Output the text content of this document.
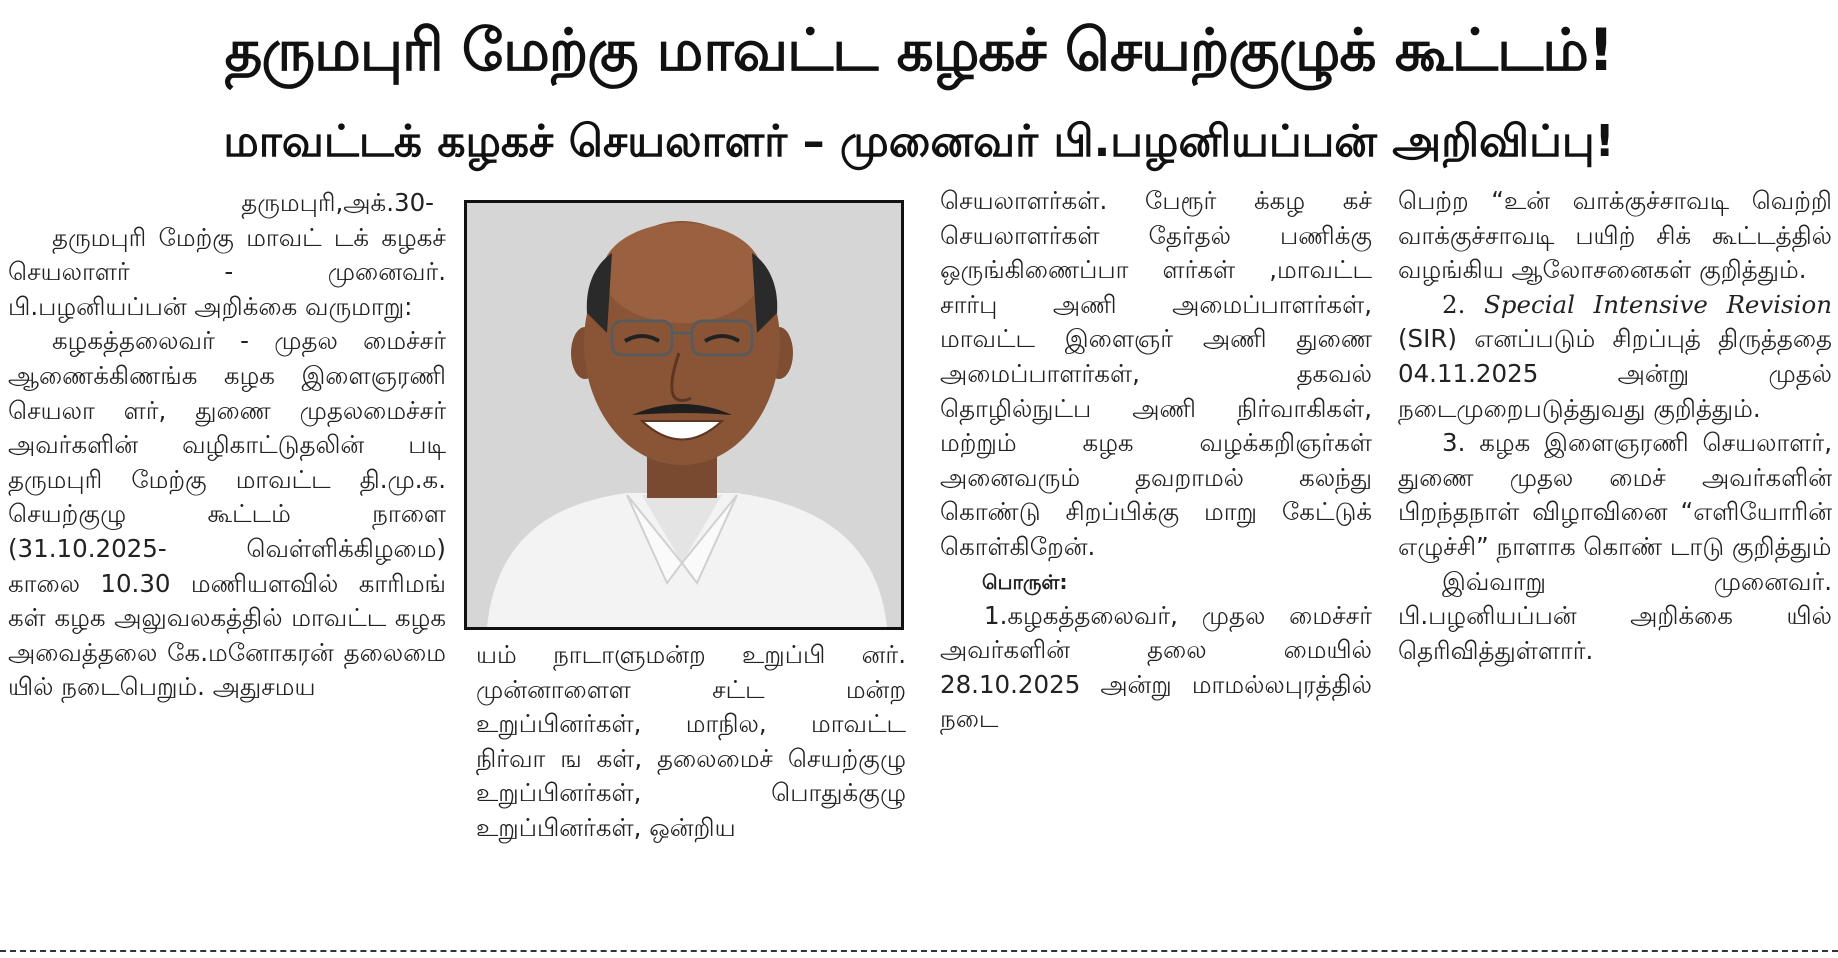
தருமபுரி மேற்கு மாவட்ட கழகச் செயற்குழுக் கூட்டம்!
மாவட்டக் கழகச் செயலாளர் – முனைவர் பி.பழனியப்பன் அறிவிப்பு!

தருமபுரி,அக்.30-

தருமபுரி மேற்கு மாவட் டக் கழகச் செயலாளர் - முனைவர். பி.பழனியப்பன் அறிக்கை வருமாறு:

கழகத்தலைவர் - முதல மைச்சர் ஆணைக்கிணங்க கழக இளைஞரணி செயலா ளர், துணை முதலமைச்சர் அவர்களின் வழிகாட்டுதலின் படி தருமபுரி மேற்கு மாவட்ட தி.மு.க. செயற்குழு கூட்டம் நாளை (31.10.2025- வெள்ளிக்கிழமை) காலை 10.30 மணியளவில் காரிமங் கள் கழக அலுவலகத்தில் மாவட்ட கழக அவைத்தலை கே.மனோகரன் தலைமை யில் நடைபெறும். அதுசமய

யம் நாடாளுமன்ற உறுப்பி னர். முன்னாளைள சட்ட மன்ற உறுப்பினர்கள், மாநில, மாவட்ட நிர்வா ங கள், தலைமைச் செயற்குழு உறுப்பினர்கள், பொதுக்குழு உறுப்பினர்கள், ஒன்றிய

செயலாளர்கள். பேரூர் க்கழ கச் செயலாளர்கள் தேர்தல் பணிக்கு ஒருங்கிணைப்பா ளர்கள் ,மாவட்ட சார்பு அணி அமைப்பாளர்கள், மாவட்ட இளைஞர் அணி துணை அமைப்பாளர்கள், தகவல் தொழில்நுட்ப அணி நிர்வாகிகள், மற்றும் கழக வழக்கறிஞர்கள் அனைவரும் தவறாமல் கலந்து கொண்டு சிறப்பிக்கு மாறு கேட்டுக் கொள்கிறேன்.

பொருள்:

1.கழகத்தலைவர், முதல மைச்சர் அவர்களின் தலை மையில் 28.10.2025 அன்று மாமல்லபுரத்தில் நடை

பெற்ற “உன் வாக்குச்சாவடி வெற்றி வாக்குச்சாவடி பயிற் சிக் கூட்டத்தில் வழங்கிய ஆலோசனைகள் குறித்தும்.

2. Special Intensive Revision (SIR) எனப்படும் சிறப்புத் திருத்ததை 04.11.2025 அன்று முதல் நடைமுறைபடுத்துவது குறித்தும்.

3. கழக இளைஞரணி செயலாளர், துணை முதல மைச் அவர்களின் பிறந்தநாள் விழாவினை “எளியோரின் எழுச்சி” நாளாக கொண் டாடு குறித்தும்

இவ்வாறு முனைவர். பி.பழனியப்பன் அறிக்கை யில் தெரிவித்துள்ளார்.
